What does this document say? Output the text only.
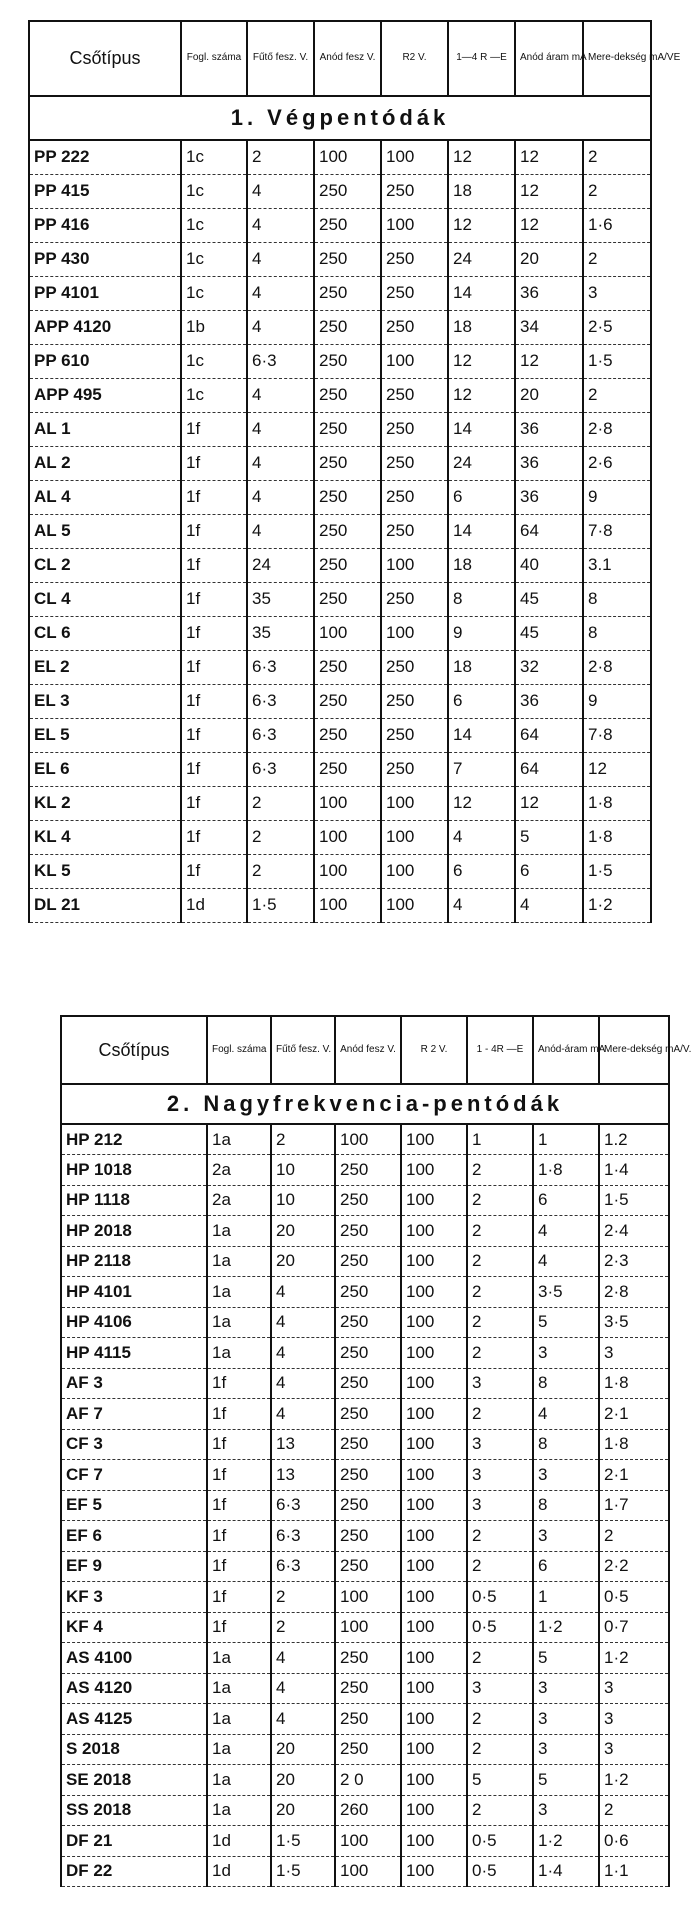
Csőtípus	Fogl. száma	Fűtő fesz. V.	Anód fesz V.	R2 V.	1—4 R —E	Anód áram mA	Mere-dekség mA/VE
1. Végpentódák							
PP 222	1c	2	100	100	12	12	2
PP 415	1c	4	250	250	18	12	2
PP 416	1c	4	250	100	12	12	1·6
PP 430	1c	4	250	250	24	20	2
PP 4101	1c	4	250	250	14	36	3
APP 4120	1b	4	250	250	18	34	2·5
PP 610	1c	6·3	250	100	12	12	1·5
APP 495	1c	4	250	250	12	20	2
AL 1	1f	4	250	250	14	36	2·8
AL 2	1f	4	250	250	24	36	2·6
AL 4	1f	4	250	250	6	36	9
AL 5	1f	4	250	250	14	64	7·8
CL 2	1f	24	250	100	18	40	3.1
CL 4	1f	35	250	250	8	45	8
CL 6	1f	35	100	100	9	45	8
EL 2	1f	6·3	250	250	18	32	2·8
EL 3	1f	6·3	250	250	6	36	9
EL 5	1f	6·3	250	250	14	64	7·8
EL 6	1f	6·3	250	250	7	64	12
KL 2	1f	2	100	100	12	12	1·8
KL 4	1f	2	100	100	4	5	1·8
KL 5	1f	2	100	100	6	6	1·5
DL 21	1d	1·5	100	100	4	4	1·2
Csőtípus	Fogl. száma	Fűtő fesz. V.	Anód fesz V.	R 2 V.	1 - 4R —E	Anód-áram mA	Mere-dekség mA/V.
2. Nagyfrekvencia-pentódák							
HP 212	1a	2	100	100	1	1	1.2
HP 1018	2a	10	250	100	2	1·8	1·4
HP 1118	2a	10	250	100	2	6	1·5
HP 2018	1a	20	250	100	2	4	2·4
HP 2118	1a	20	250	100	2	4	2·3
HP 4101	1a	4	250	100	2	3·5	2·8
HP 4106	1a	4	250	100	2	5	3·5
HP 4115	1a	4	250	100	2	3	3
AF 3	1f	4	250	100	3	8	1·8
AF 7	1f	4	250	100	2	4	2·1
CF 3	1f	13	250	100	3	8	1·8
CF 7	1f	13	250	100	3	3	2·1
EF 5	1f	6·3	250	100	3	8	1·7
EF 6	1f	6·3	250	100	2	3	2
EF 9	1f	6·3	250	100	2	6	2·2
KF 3	1f	2	100	100	0·5	1	0·5
KF 4	1f	2	100	100	0·5	1·2	0·7
AS 4100	1a	4	250	100	2	5	1·2
AS 4120	1a	4	250	100	3	3	3
AS 4125	1a	4	250	100	2	3	3
S 2018	1a	20	250	100	2	3	3
SE 2018	1a	20	2 0	100	5	5	1·2
SS 2018	1a	20	260	100	2	3	2
DF 21	1d	1·5	100	100	0·5	1·2	0·6
DF 22	1d	1·5	100	100	0·5	1·4	1·1
